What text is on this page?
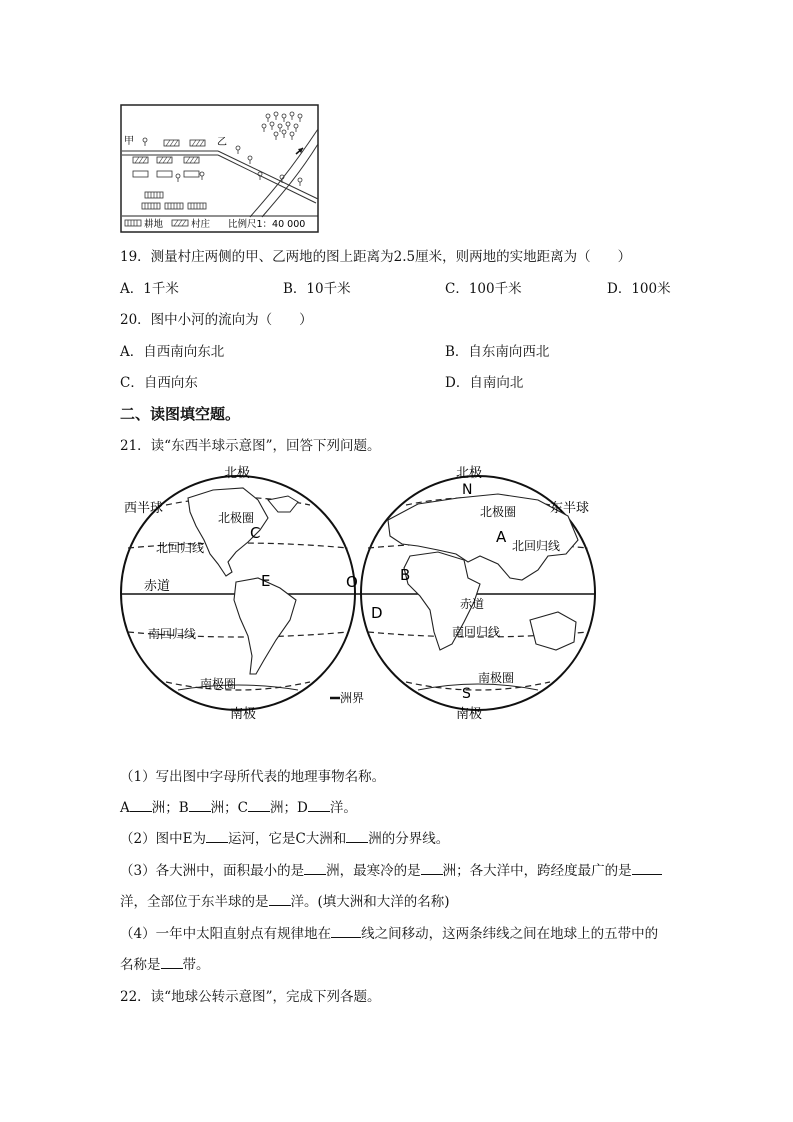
甲	乙
耕地	村庄 比例尺1：40 000
19．测量村庄两侧的甲、乙两地的图上距离为2.5厘米，则两地的实地距离为（　　）
A．1千米	B．10千米	C．100千米	D．100米
20．图中小河的流向为（　　）
A．自西南向东北	B．自东南向西北
C．自西向东	D．自南向北
二、读图填空题。
21．读“东西半球示意图”，回答下列问题。
北极	北极
南极	南极
西半球	东半球
北极圈	北极圈
北回归线	北回归线
赤道
赤道
南回归线	南回归线
南极圈	南极圈
洲界
C
E	O
A
B
D
N
S
（1）写出图中字母所代表的地理事物名称。
A 洲；B 洲；C 洲；D 洋。
（2）图中E为 运河，它是C大洲和 洲的分界线。
（3）各大洲中，面积最小的是 洲，最寒冷的是 洲；各大洋中，跨经度最广的是
洋，全部位于东半球的是 洋。(填大洲和大洋的名称)
（4）一年中太阳直射点有规律地在 线之间移动，这两条纬线之间在地球上的五带中的
名称是 带。
22．读“地球公转示意图”，完成下列各题。
